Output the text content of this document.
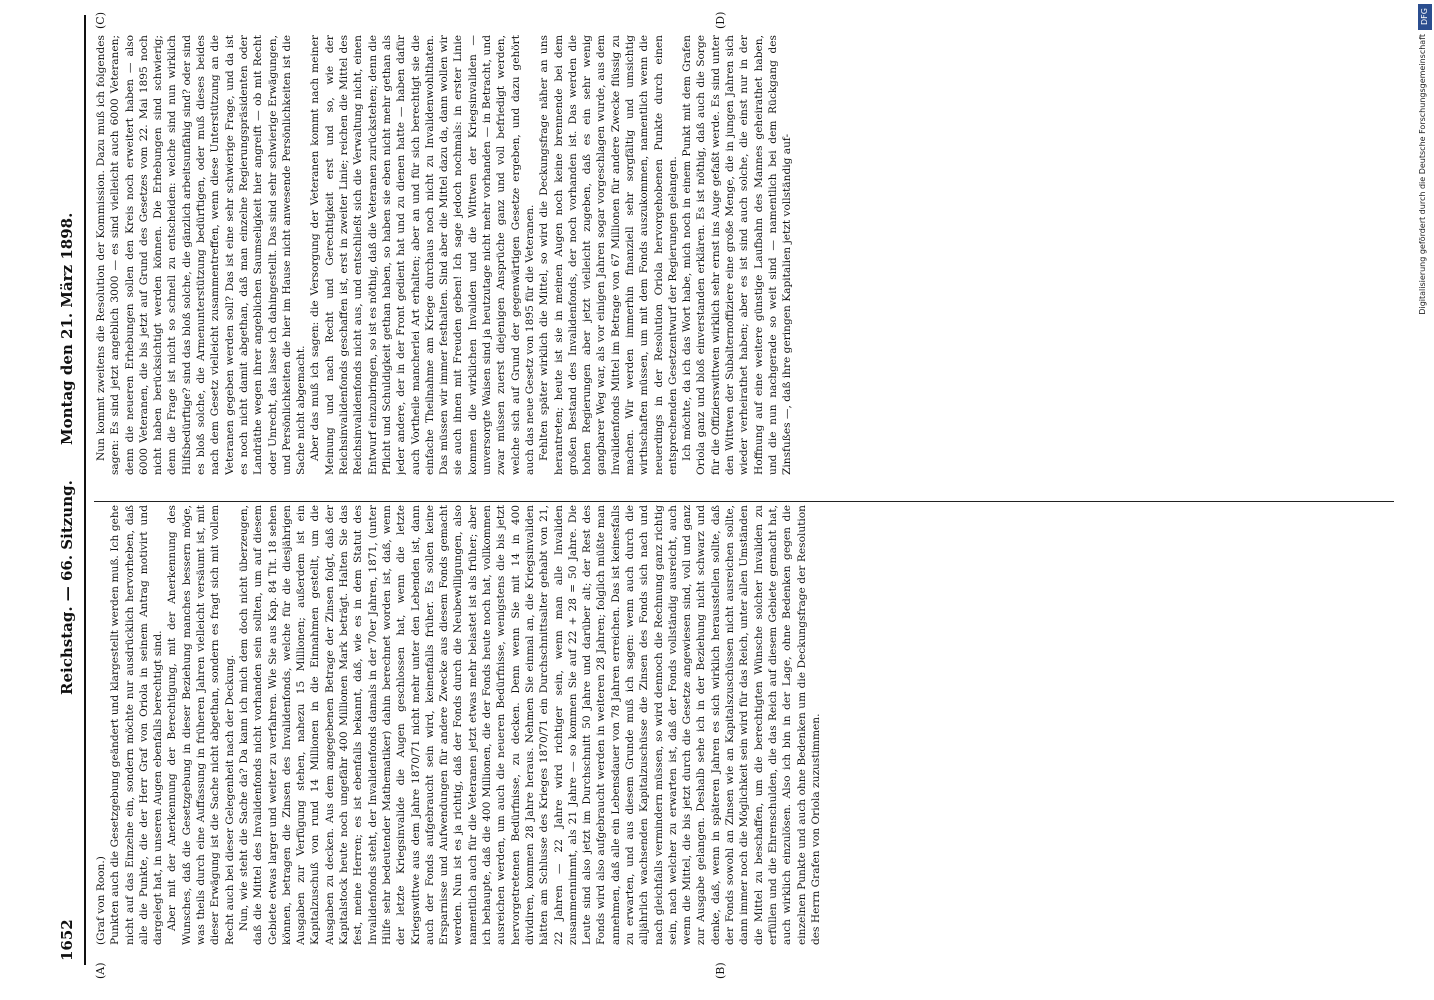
1652
Reichstag. — 66. Sitzung.
Montag den 21. März 1898.
(A)	(B)
(C)	(D)
(Graf von Roon.) Punkten auch die Gesetzgebung geändert und klargestellt werden muß. Ich gehe nicht auf das Einzelne ein, sondern möchte nur ausdrücklich hervorheben, daß alle die Punkte, die der Herr Graf von Oriola in seinem Antrag motivirt und dargelegt hat, in unseren Augen ebenfalls berechtigt sind. Aber mit der Anerkennung der Berechtigung, mit der Anerkennung des Wunsches, daß die Gesetzgebung in dieser Beziehung manches bessern möge, was theils durch eine Auffassung in früheren Jahren vielleicht versäumt ist, mit dieser Erwägung ist die Sache nicht abgethan, sondern es fragt sich mit vollem Recht auch bei dieser Gelegenheit nach der Deckung. Nun, wie steht die Sache da? Da kann ich mich dem doch nicht überzeugen, daß die Mittel des Invalidenfonds nicht vorhanden sein sollten, um auf diesem Gebiete etwas larger und weiter zu verfahren. Wie Sie aus Kap. 84 Tit. 18 sehen können, betragen die Zinsen des Invalidenfonds, welche für die diesjährigen Ausgaben zur Verfügung stehen, nahezu 15 Millionen; außerdem ist ein Kapitalzuschuß von rund 14 Millionen in die Einnahmen gestellt, um die Ausgaben zu decken. Aus dem angegebenen Betrage der Zinsen folgt, daß der Kapitalstock heute noch ungefähr 400 Millionen Mark beträgt. Halten Sie das fest, meine Herren; es ist ebenfalls bekannt, daß, wie es in dem Statut des Invalidenfonds steht, der Invalidenfonds damals in der 70er Jahren, 1871, (unter Hilfe sehr bedeutender Mathematiker) dahin berechnet worden ist, daß, wenn der letzte Kriegsinvalide die Augen geschlossen hat, wenn die letzte Kriegswittwe aus dem Jahre 1870/71 nicht mehr unter den Lebenden ist, dann auch der Fonds aufgebraucht sein wird, keinenfalls früher. Es sollen keine Ersparnisse und Aufwendungen für andere Zwecke aus diesem Fonds gemacht werden. Nun ist es ja richtig, daß der Fonds durch die Neubewilligungen, also namentlich auch für die Veteranen jetzt etwas mehr belastet ist als früher; aber ich behaupte, daß die 400 Millionen, die der Fonds heute noch hat, vollkommen ausreichen werden, um auch die neueren Bedürfnisse, wenigstens die bis jetzt hervorgetretenen Bedürfnisse, zu decken. Denn wenn Sie mit 14 in 400 dividiren, kommen 28 Jahre heraus. Nehmen Sie einmal an, die Kriegsinvaliden hätten am Schlusse des Krieges 1870/71 ein Durchschnittsalter gehabt von 21, 22 Jahren — 22 Jahre wird richtiger sein, wenn man alle Invaliden zusammennimmt, als 21 Jahre — so kommen Sie auf 22 + 28 = 50 Jahre. Die Leute sind also jetzt im Durchschnitt 50 Jahre und darüber alt; der Rest des Fonds wird also aufgebraucht werden in weiteren 28 Jahren; folglich müßte man annehmen, daß alle ein Lebensdauer von 78 Jahren erreichen. Das ist keinesfalls zu erwarten, und aus diesem Grunde muß ich sagen: wenn auch durch die alljährlich wachsenden Kapitalzuschüsse die Zinsen des Fonds sich nach und nach gleichfalls vermindern müssen, so wird dennoch die Rechnung ganz richtig sein, nach welcher zu erwarten ist, daß der Fonds vollständig ausreicht, auch wenn die Mittel, die bis jetzt durch die Gesetze angewiesen sind, voll und ganz zur Ausgabe gelangen. Deshalb sehe ich in der Beziehung nicht schwarz und denke, daß, wenn in späteren Jahren es sich wirklich herausstellen sollte, daß der Fonds sowohl an Zinsen wie an Kapitalszuschüssen nicht ausreichen sollte, dann immer noch die Möglichkeit sein wird für das Reich, unter allen Umständen die Mittel zu beschaffen, um die berechtigten Wünsche solcher Invaliden zu erfüllen und die Ehrenschulden, die das Reich auf diesem Gebiete gemacht hat, auch wirklich einzulösen. Also ich bin in der Lage, ohne Bedenken gegen die einzelnen Punkte und auch ohne Bedenken um die Deckungsfrage der Resolution des Herrn Grafen von Oriola zuzustimmen.

Nun kommt zweitens die Resolution der Kommission. Dazu muß ich folgendes sagen: Es sind jetzt angeblich 3000 — es sind vielleicht auch 6000 Veteranen; denn die neueren Erhebungen sollen den Kreis noch erweitert haben — also 6000 Veteranen, die bis jetzt auf Grund des Gesetzes vom 22. Mai 1895 noch nicht haben berücksichtigt werden können. Die Erhebungen sind schwierig; denn die Frage ist nicht so schnell zu entscheiden: welche sind nun wirklich Hilfsbedürftige? sind das bloß solche, die gänzlich arbeitsunfähig sind? oder sind es bloß solche, die Armenunterstützung bedürftigen, oder muß dieses beides nach dem Gesetz vielleicht zusammentreffen, wenn diese Unterstützung an die Veteranen gegeben werden soll? Das ist eine sehr schwierige Frage, und da ist es noch nicht damit abgethan, daß man einzelne Regierungspräsidenten oder Landräthe wegen ihrer angeblichen Saumseligkeit hier angreift — ob mit Recht oder Unrecht, das lasse ich dahingestellt. Das sind sehr schwierige Erwägungen, und Persönlichkeiten die hier im Hause nicht anwesende Persönlichkeiten ist die Sache nicht abgemacht. Aber das muß ich sagen: die Versorgung der Veteranen kommt nach meiner Meinung und nach Recht und Gerechtigkeit erst und so, wie der Reichsinvalidenfonds geschaffen ist, erst in zweiter Linie; reichen die Mittel des Reichsinvalidenfonds nicht aus, und entschließt sich die Verwaltung nicht, einen Entwurf einzubringen, so ist es nöthig, daß die Veteranen zurückstehen; denn die Pflicht und Schuldigkeit gethan haben, so haben sie eben nicht mehr gethan als jeder andere, der in der Front gedient hat und zu dienen hatte — haben dafür auch Vortheile mancherlei Art erhalten; aber an und für sich berechtigt sie die einfache Theilnahme am Kriege durchaus noch nicht zu Invalidenwohlthaten. Das müssen wir immer festhalten. Sind aber die Mittel dazu da, dann wollen wir sie auch ihnen mit Freuden geben! Ich sage jedoch nochmals: in erster Linie kommen die wirklichen Invaliden und die Wittwen der Kriegsinvaliden — unversorgte Waisen sind ja heutzutage nicht mehr vorhanden — in Betracht, und zwar müssen zuerst diejenigen Ansprüche ganz und voll befriedigt werden, welche sich auf Grund der gegenwärtigen Gesetze ergeben, und dazu gehört auch das neue Gesetz von 1895 für die Veteranen. Fehlten später wirklich die Mittel, so wird die Deckungsfrage näher an uns herantreten; heute ist sie in meinen Augen noch keine brennende bei dem großen Bestand des Invalidenfonds, der noch vorhanden ist. Das werden die hohen Regierungen aber jetzt vielleicht zugeben, daß es ein sehr wenig gangbarer Weg war, als vor einigen Jahren sogar vorgeschlagen wurde, aus dem Invalidenfonds Mittel im Betrage von 67 Millionen für andere Zwecke flüssig zu machen. Wir werden immerhin finanziell sehr sorgfältig und umsichtig wirthschaften müssen, um mit dem Fonds auszukommen, namentlich wenn die neuerdings in der Resolution Oriola hervorgehobenen Punkte durch einen entsprechenden Gesetzentwurf der Regierungen gelangen. Ich möchte, da ich das Wort habe, mich noch in einem Punkt mit dem Grafen Oriola ganz und bloß einverstanden erklären. Es ist nöthig, daß auch die Sorge für die Offizierswittwen wirklich sehr ernst ins Auge gefaßt werde. Es sind unter den Wittwen der Subalternoffiziere eine große Menge, die in jungen Jahren sich wieder verheirathet haben; aber es ist sind auch solche, die einst nur in der Hoffnung auf eine weitere günstige Laufbahn des Mannes geheirathet haben, und die nun nachgerade so weit sind — namentlich bei dem Rückgang des Zinsfußes —, daß ihre geringen Kapitalien jetzt vollständig auf-

DFG
Digitalisierung gefördert durch die Deutsche Forschungsgemeinschaft
